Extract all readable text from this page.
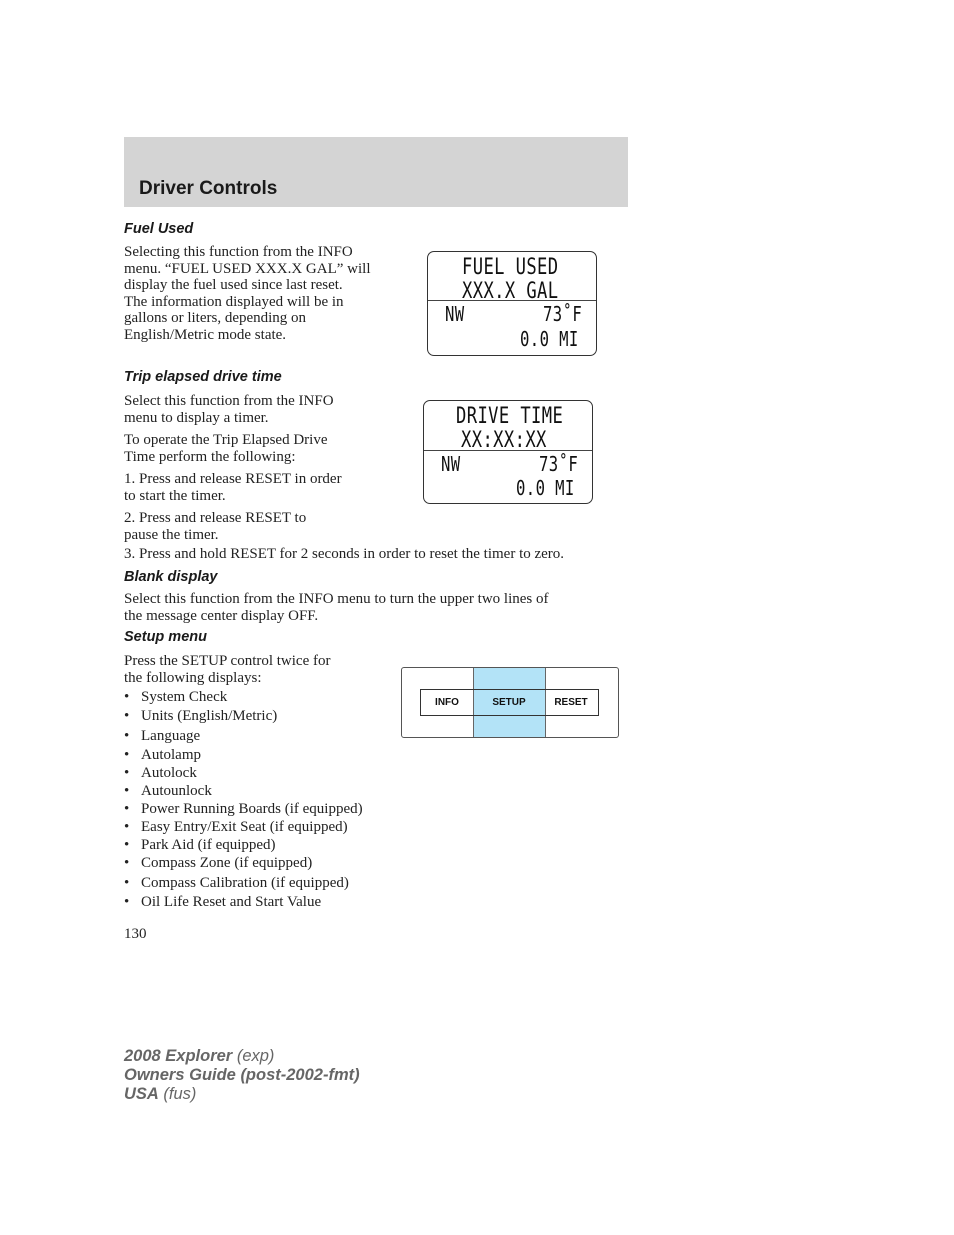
Driver Controls
Fuel Used
Selecting this function from the INFO
menu. “FUEL USED XXX.X GAL” will
display the fuel used since last reset.
The information displayed will be in
gallons or liters, depending on
English/Metric mode state.
FUEL USED
XXX.X GAL
NW	73˚F
0.0 MI
Trip elapsed drive time
Select this function from the INFO
menu to display a timer.
To operate the Trip Elapsed Drive
Time perform the following:
1. Press and release RESET in order
to start the timer.
2. Press and release RESET to
pause the timer.
3. Press and hold RESET for 2 seconds in order to reset the timer to zero.
DRIVE TIME
XX:XX:XX
NW	73˚F
0.0 MI
Blank display
Select this function from the INFO menu to turn the upper two lines of
the message center display OFF.
Setup menu
Press the SETUP control twice for
the following displays:
• System Check
• Units (English/Metric)
• Language
• Autolamp
• Autolock
• Autounlock
• Power Running Boards (if equipped)
• Easy Entry/Exit Seat (if equipped)
• Park Aid (if equipped)
• Compass Zone (if equipped)
• Compass Calibration (if equipped)
• Oil Life Reset and Start Value
INFO	SETUP	RESET
130
2008 Explorer (exp)
Owners Guide (post-2002-fmt)
USA (fus)
